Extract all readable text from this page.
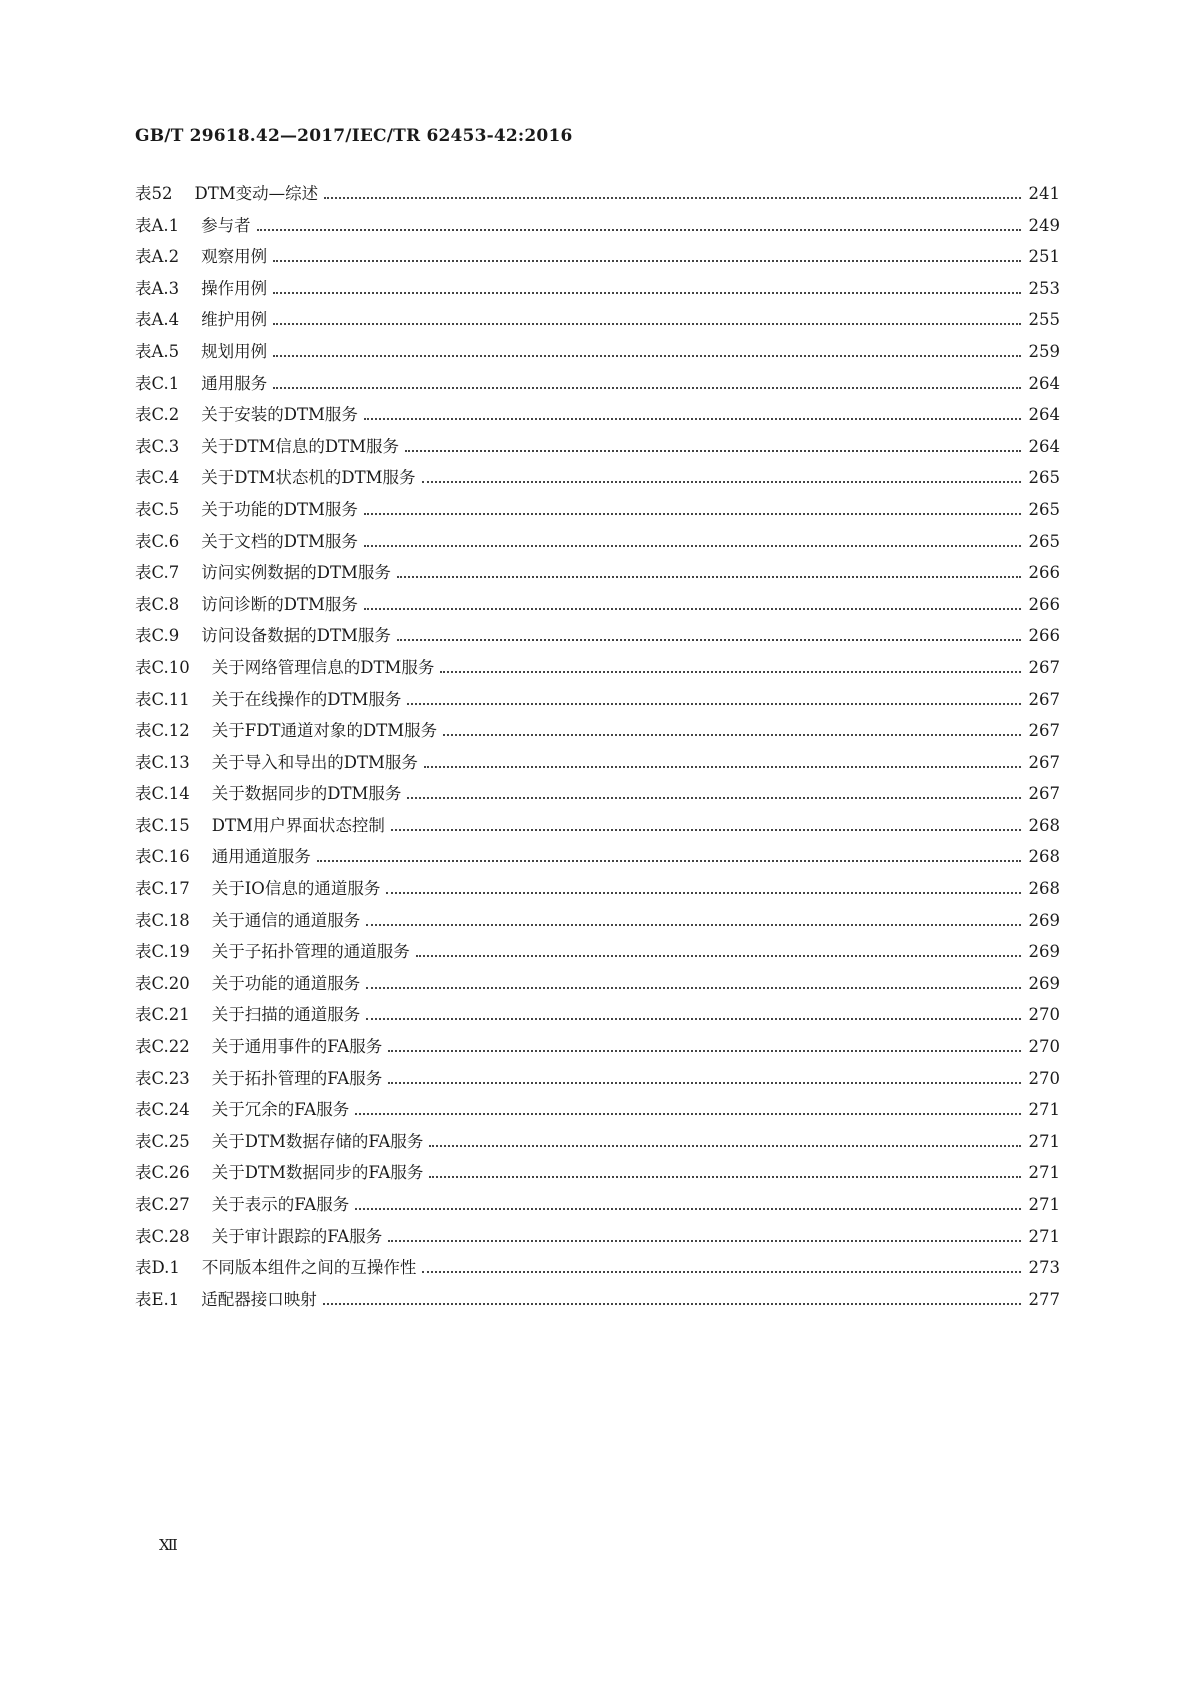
GB/T 29618.42—2017/IEC/TR 62453-42:2016
表52	DTM变动—综述	241
表A.1	参与者	249
表A.2	观察用例	251
表A.3	操作用例	253
表A.4	维护用例	255
表A.5	规划用例	259
表C.1	通用服务	264
表C.2	关于安装的DTM服务	264
表C.3	关于DTM信息的DTM服务	264
表C.4	关于DTM状态机的DTM服务	265
表C.5	关于功能的DTM服务	265
表C.6	关于文档的DTM服务	265
表C.7	访问实例数据的DTM服务	266
表C.8	访问诊断的DTM服务	266
表C.9	访问设备数据的DTM服务	266
表C.10	关于网络管理信息的DTM服务	267
表C.11	关于在线操作的DTM服务	267
表C.12	关于FDT通道对象的DTM服务	267
表C.13	关于导入和导出的DTM服务	267
表C.14	关于数据同步的DTM服务	267
表C.15	DTM用户界面状态控制	268
表C.16	通用通道服务	268
表C.17	关于IO信息的通道服务	268
表C.18	关于通信的通道服务	269
表C.19	关于子拓扑管理的通道服务	269
表C.20	关于功能的通道服务	269
表C.21	关于扫描的通道服务	270
表C.22	关于通用事件的FA服务	270
表C.23	关于拓扑管理的FA服务	270
表C.24	关于冗余的FA服务	271
表C.25	关于DTM数据存储的FA服务	271
表C.26	关于DTM数据同步的FA服务	271
表C.27	关于表示的FA服务	271
表C.28	关于审计跟踪的FA服务	271
表D.1	不同版本组件之间的互操作性	273
表E.1	适配器接口映射	277
Ⅻ
